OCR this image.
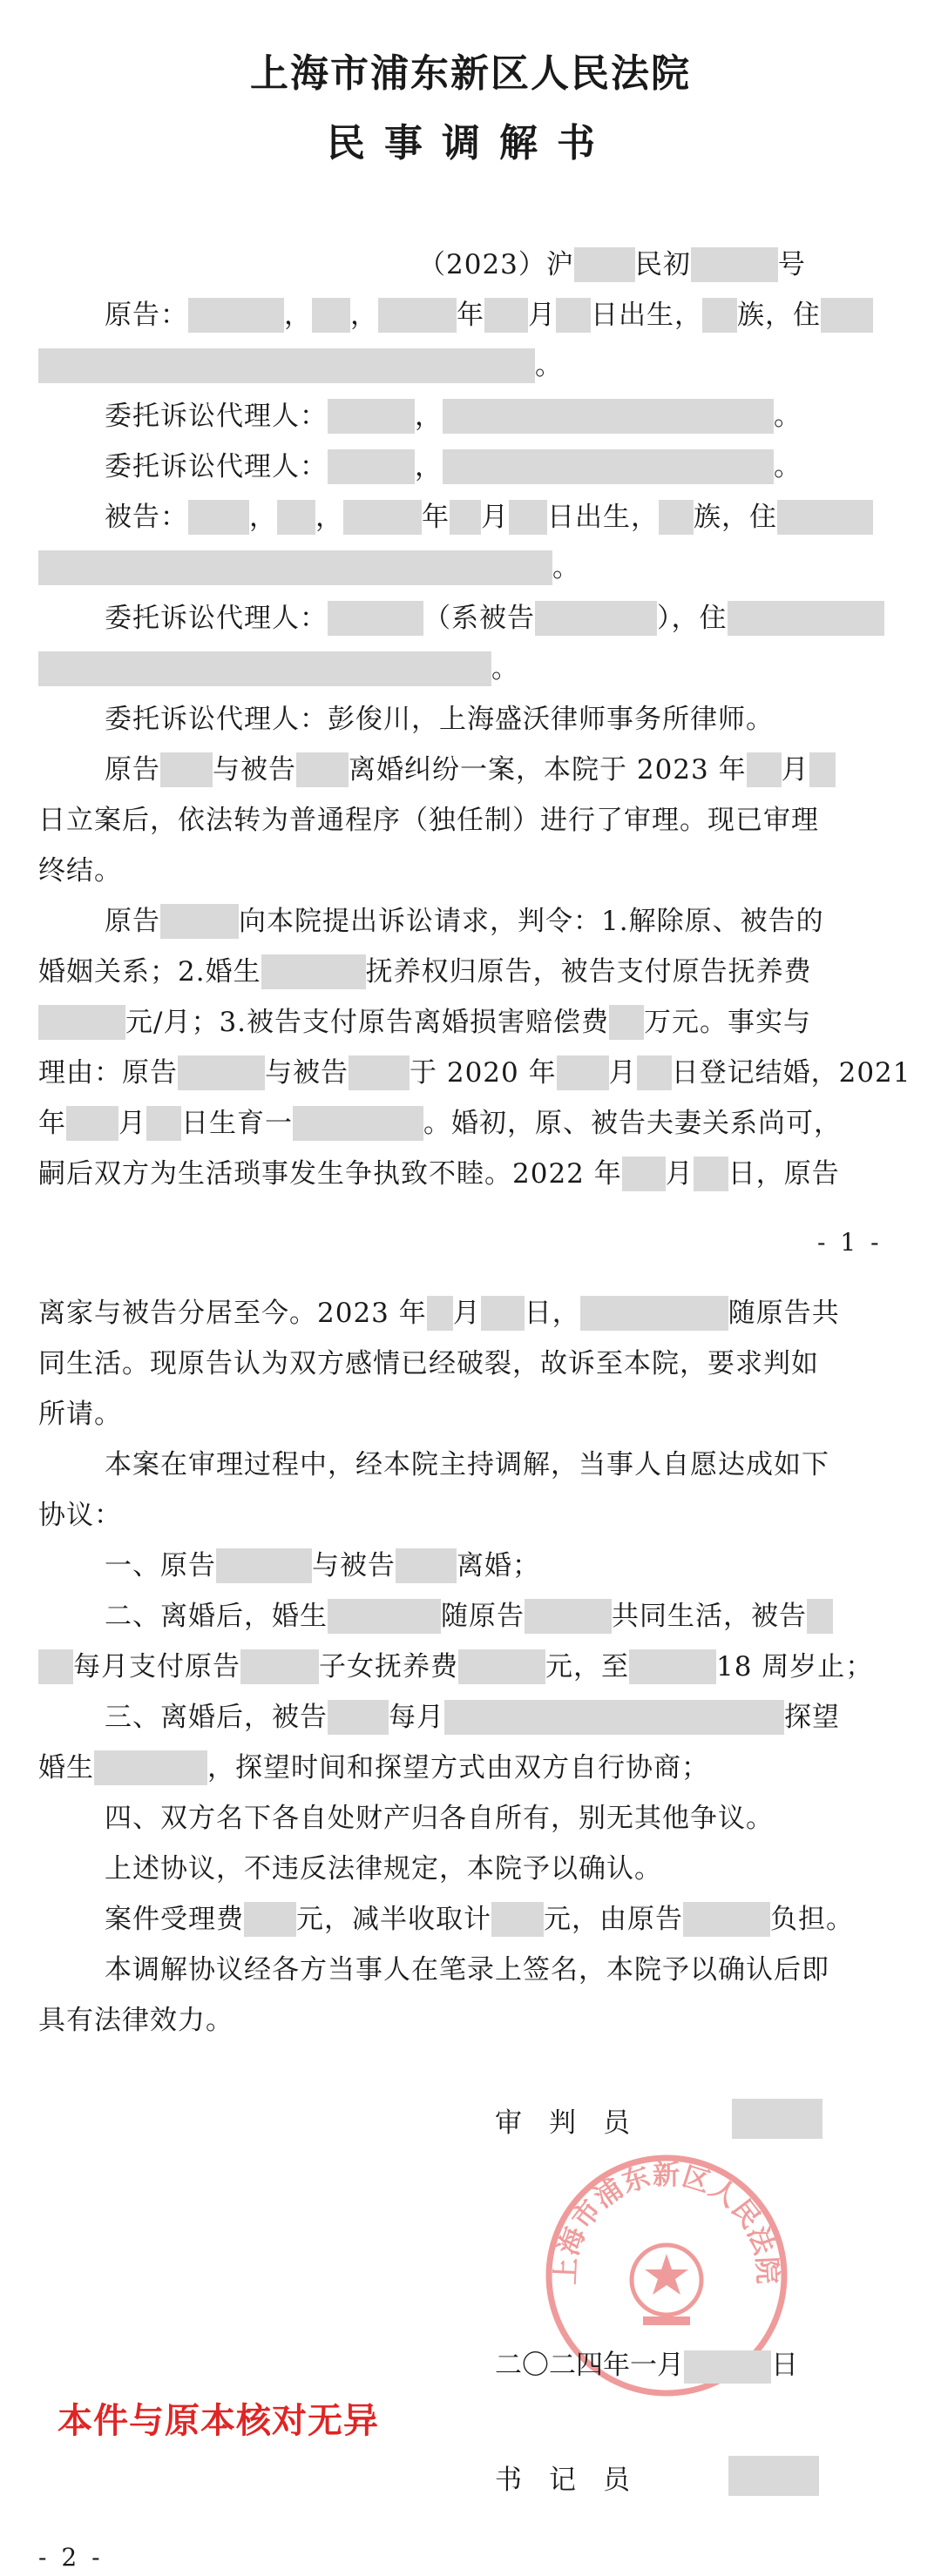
上海市浦东新区人民法院
民事调解书
（2023）沪 民初	号
原告：	， ，	年 月 日出生， 族，住
。
委托诉讼代理人：	，	。
委托诉讼代理人：	，	。
被告： ， ，	年 月 日出生， 族，住
。
委托诉讼代理人：	（系被告	），住
。
委托诉讼代理人：彭俊川，上海盛沃律师事务所律师。
原告 与被告 离婚纠纷一案，本院于 2023 年 月
日立案后，依法转为普通程序（独任制）进行了审理。现已审理
终结。
原告	向本院提出诉讼请求，判令：1.解除原、被告的
婚姻关系；2.婚生	抚养权归原告，被告支付原告抚养费
元/月；3.被告支付原告离婚损害赔偿费 万元。事实与
理由：原告	与被告 于 2020 年 月 日登记结婚，2021
年 月 日生育一	。婚初，原、被告夫妻关系尚可，
嗣后双方为生活琐事发生争执致不睦。2022 年 月 日，原告
- 1 -
离家与被告分居至今。2023 年 月 日，	随原告共
同生活。现原告认为双方感情已经破裂，故诉至本院，要求判如
所请。
本案在审理过程中，经本院主持调解，当事人自愿达成如下
协议：
一、原告	与被告 离婚；
二、离婚后，婚生	随原告	共同生活，被告
每月支付原告	子女抚养费	元，至	18 周岁止；
三、离婚后，被告 每月	探望
婚生	，探望时间和探望方式由双方自行协商；
四、双方名下各自处财产归各自所有，别无其他争议。
上述协议，不违反法律规定，本院予以确认。
案件受理费 元，减半收取计 元，由原告	负担。
本调解协议经各方当事人在笔录上签名，本院予以确认后即
具有法律效力。
审　判　员
上海市浦东新区人民法院
二〇二四年一月	日
本件与原本核对无异
书　记　员
- 2 -
